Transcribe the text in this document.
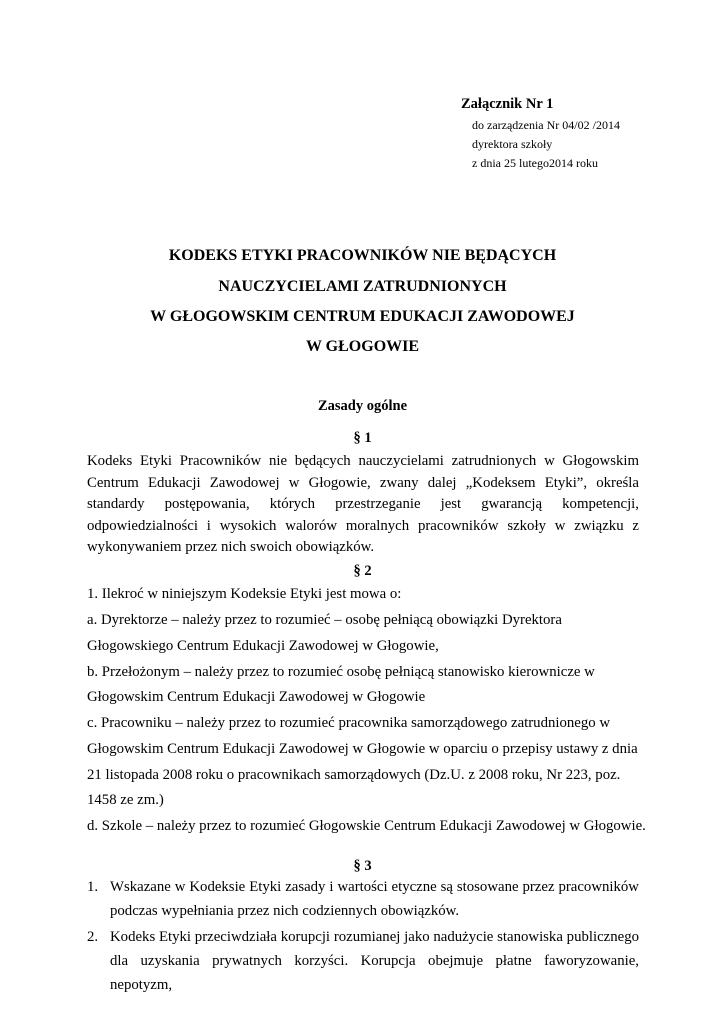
Załącznik Nr 1
do zarządzenia Nr 04/02 /2014
dyrektora szkoły
z dnia 25 lutego2014 roku
KODEKS ETYKI PRACOWNIKÓW NIE BĘDĄCYCH
NAUCZYCIELAMI ZATRUDNIONYCH
W GŁOGOWSKIM CENTRUM EDUKACJI ZAWODOWEJ
W GŁOGOWIE
Zasady ogólne
§ 1
Kodeks Etyki Pracowników nie będących nauczycielami zatrudnionych w Głogowskim Centrum Edukacji Zawodowej w Głogowie, zwany dalej „Kodeksem Etyki”, określa standardy postępowania, których przestrzeganie jest gwarancją kompetencji, odpowiedzialności i wysokich walorów moralnych pracowników szkoły w związku z wykonywaniem przez nich swoich obowiązków.
§ 2
1. Ilekroć w niniejszym Kodeksie Etyki jest mowa o:
a. Dyrektorze – należy przez to rozumieć – osobę pełniącą obowiązki Dyrektora
Głogowskiego Centrum Edukacji Zawodowej w Głogowie,
b. Przełożonym – należy przez to rozumieć osobę pełniącą stanowisko kierownicze w
Głogowskim Centrum Edukacji Zawodowej w Głogowie
c. Pracowniku – należy przez to rozumieć pracownika samorządowego zatrudnionego w
Głogowskim Centrum Edukacji Zawodowej w Głogowie w oparciu o przepisy ustawy z dnia
21 listopada 2008 roku o pracownikach samorządowych (Dz.U. z 2008 roku, Nr 223, poz.
1458 ze zm.)
d. Szkole – należy przez to rozumieć Głogowskie Centrum Edukacji Zawodowej w Głogowie.
§ 3
1. Wskazane w Kodeksie Etyki zasady i wartości etyczne są stosowane przez pracowników podczas wypełniania przez nich codziennych obowiązków.
2. Kodeks Etyki przeciwdziała korupcji rozumianej jako nadużycie stanowiska publicznego dla uzyskania prywatnych korzyści. Korupcja obejmuje płatne faworyzowanie, nepotyzm,
